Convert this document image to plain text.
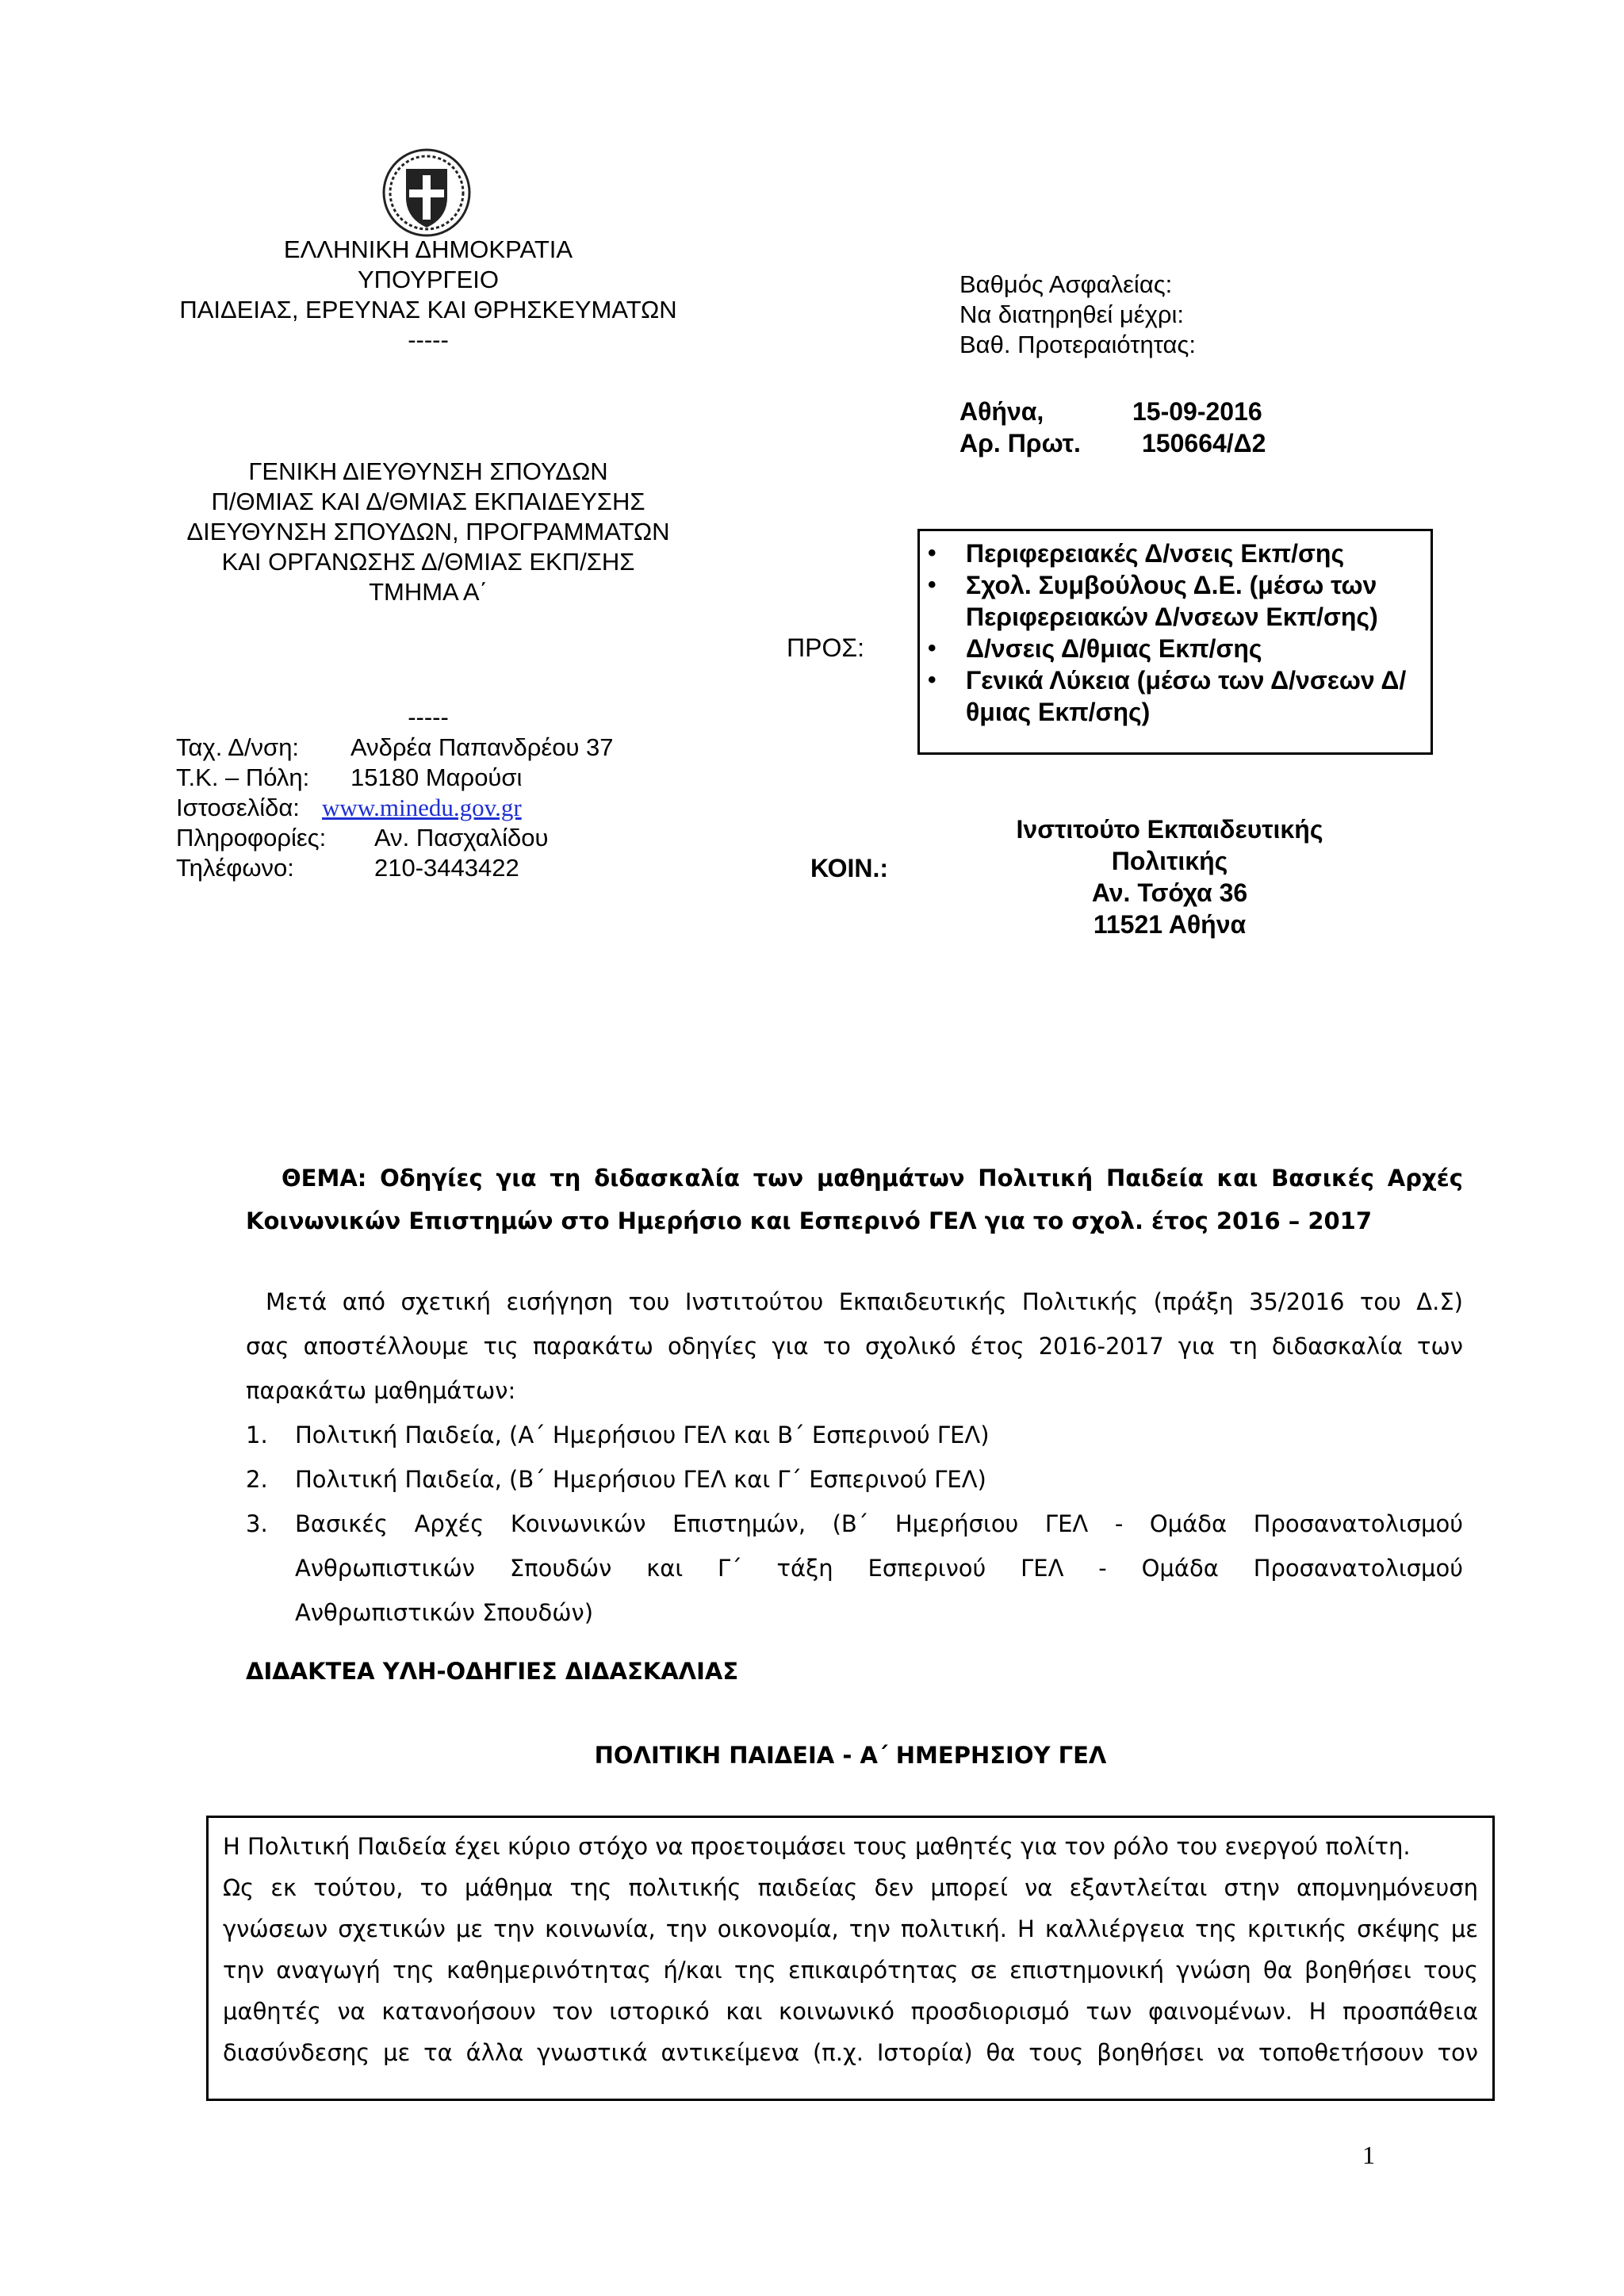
ΕΛΛΗΝΙΚΗ ΔΗΜΟΚΡΑΤΙΑ
ΥΠΟΥΡΓΕΙΟ
ΠΑΙΔΕΙΑΣ, ΕΡΕΥΝΑΣ ΚΑΙ ΘΡΗΣΚΕΥΜΑΤΩΝ
-----
ΓΕΝΙΚΗ ΔΙΕΥΘΥΝΣΗ ΣΠΟΥΔΩΝ
Π/ΘΜΙΑΣ ΚΑΙ Δ/ΘΜΙΑΣ ΕΚΠΑΙΔΕΥΣΗΣ
ΔΙΕΥΘΥΝΣΗ ΣΠΟΥΔΩΝ, ΠΡΟΓΡΑΜΜΑΤΩΝ
ΚΑΙ ΟΡΓΑΝΩΣΗΣ Δ/ΘΜΙΑΣ ΕΚΠ/ΣΗΣ
ΤΜΗΜΑ Α΄
-----
Ταχ. Δ/νση: Ανδρέα Παπανδρέου 37
Τ.Κ. – Πόλη: 15180 Μαρούσι
Ιστοσελίδα: www.minedu.gov.gr
Πληροφορίες: Αν. Πασχαλίδου
Τηλέφωνο:	210-3443422
Βαθμός Ασφαλείας:
Να διατηρηθεί μέχρι:
Βαθ. Προτεραιότητας:
Αθήνα,	15-09-2016
Αρ. Πρωτ. 150664/Δ2
ΠΡΟΣ:
• Περιφερειακές Δ/νσεις Εκπ/σης
• Σχολ. Συμβούλους Δ.Ε. (μέσω των Περιφερειακών Δ/νσεων Εκπ/σης)
• Δ/νσεις Δ/θμιας Εκπ/σης
• Γενικά Λύκεια (μέσω των Δ/νσεων Δ/θμιας Εκπ/σης)
ΚΟΙΝ.:
Ινστιτούτο Εκπαιδευτικής
Πολιτικής
Αν. Τσόχα 36
11521 Αθήνα
ΘΕΜΑ: Οδηγίες για τη διδασκαλία των μαθημάτων Πολιτική Παιδεία και Βασικές Αρχές
Κοινωνικών Επιστημών στο Ημερήσιο και Εσπερινό ΓΕΛ για το σχολ. έτος 2016 – 2017
Μετά από σχετική εισήγηση του Ινστιτούτου Εκπαιδευτικής Πολιτικής (πράξη 35/2016 του Δ.Σ)
σας αποστέλλουμε τις παρακάτω οδηγίες για το σχολικό έτος 2016-2017 για τη διδασκαλία των
παρακάτω μαθημάτων:
1. Πολιτική Παιδεία, (Α΄ Ημερήσιου ΓΕΛ και Β΄ Εσπερινού ΓΕΛ)
2. Πολιτική Παιδεία, (Β΄ Ημερήσιου ΓΕΛ και Γ΄ Εσπερινού ΓΕΛ)
3. Βασικές Αρχές Κοινωνικών Επιστημών, (Β΄ Ημερήσιου ΓΕΛ - Ομάδα Προσανατολισμού
Ανθρωπιστικών Σπουδών και Γ΄ τάξη Εσπερινού ΓΕΛ - Ομάδα Προσανατολισμού
Ανθρωπιστικών Σπουδών)
ΔΙΔΑΚΤΕΑ ΥΛΗ-ΟΔΗΓΙΕΣ ΔΙΔΑΣΚΑΛΙΑΣ
ΠΟΛΙΤΙΚΗ ΠΑΙΔΕΙΑ - Α΄ ΗΜΕΡΗΣΙΟΥ ΓΕΛ
Η Πολιτική Παιδεία έχει κύριο στόχο να προετοιμάσει τους μαθητές για τον ρόλο του ενεργού πολίτη.
Ως εκ τούτου, το μάθημα της πολιτικής παιδείας δεν μπορεί να εξαντλείται στην απομνημόνευση
γνώσεων σχετικών με την κοινωνία, την οικονομία, την πολιτική. Η καλλιέργεια της κριτικής σκέψης με
την αναγωγή της καθημερινότητας ή/και της επικαιρότητας σε επιστημονική γνώση θα βοηθήσει τους
μαθητές να κατανοήσουν τον ιστορικό και κοινωνικό προσδιορισμό των φαινομένων. Η προσπάθεια
διασύνδεσης με τα άλλα γνωστικά αντικείμενα (π.χ. Ιστορία) θα τους βοηθήσει να τοποθετήσουν τον
1
